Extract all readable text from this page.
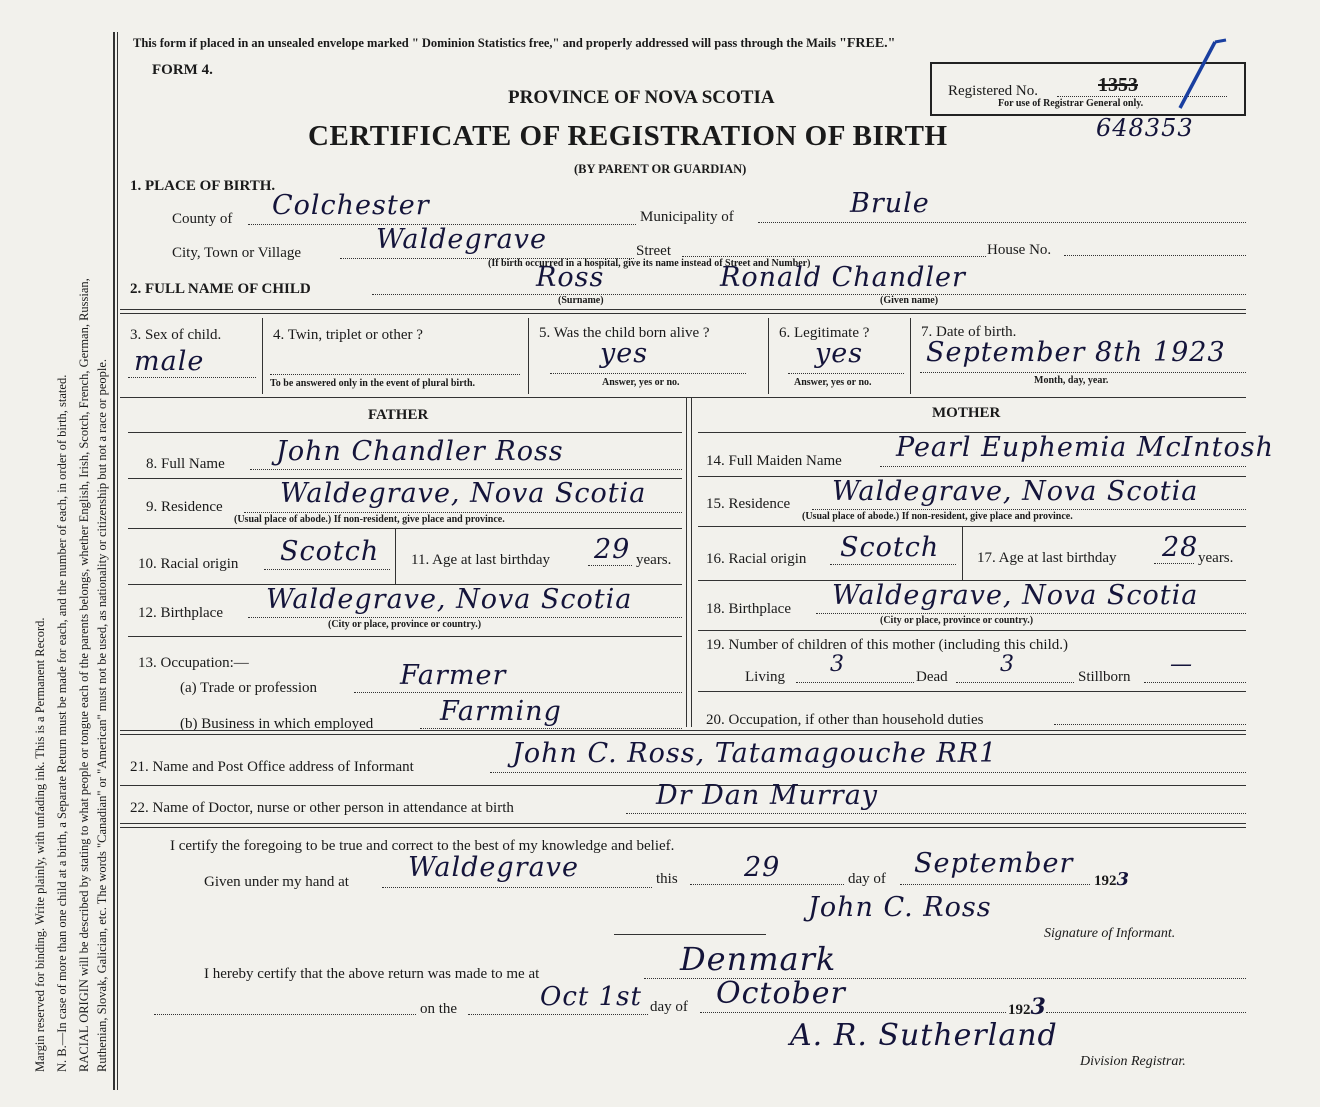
Margin reserved for binding. Write plainly, with unfading ink. This is a Permanent Record. N. B.—In case of more than one child at a birth, a Separate Return must be made for each, and the number of each, in order of birth, stated. RACIAL ORIGIN will be described by stating to what people or tongue each of the parents belongs, whether English, Irish, Scotch, French, German, Russian, Ruthenian, Slovak, Galician, etc. The words "Canadian" or "American" must not be used, as nationality or citizenship but not a race or people.
This form if placed in an unsealed envelope marked " Dominion Statistics free," and properly addressed will pass through the Mails "FREE."
FORM 4.
PROVINCE OF NOVA SCOTIA
CERTIFICATE OF REGISTRATION OF BIRTH
(BY PARENT OR GUARDIAN)
Registered No.	1353
For use of Registrar General only.
648353
1. PLACE OF BIRTH.
County of Colchester	Municipality of	Brule
City, Town or Village	Waldegrave	Street	House No.
(If birth occurred in a hospital, give its name instead of Street and Number)
2. FULL NAME OF CHILD	Ross	Ronald Chandler
(Surname)	(Given name)
3. Sex of child.
male
4. Twin, triplet or other ?
To be answered only in the event of plural birth.
5. Was the child born alive ?
yes
Answer, yes or no.
6. Legitimate ?
yes
Answer, yes or no.
7. Date of birth.
September 8th 1923
Month, day, year.
FATHER	MOTHER
8. Full Name John Chandler Ross
9. Residence Waldegrave, Nova Scotia
(Usual place of abode.) If non-resident, give place and province.
10. Racial origin Scotch 11. Age at last birthday 29 years.
12. Birthplace Waldegrave, Nova Scotia
(City or place, province or country.)
13. Occupation:—
(a) Trade or profession	Farmer
(b) Business in which employed Farming
14. Full Maiden Name Pearl Euphemia McIntosh
15. Residence Waldegrave, Nova Scotia
(Usual place of abode.) If non-resident, give place and province.
16. Racial origin Scotch	17. Age at last birthday 28 years.
18. Birthplace Waldegrave, Nova Scotia
(City or place, province or country.)
19. Number of children of this mother (including this child.)
Living 3	Dead 3	Stillborn —
20. Occupation, if other than household duties
21. Name and Post Office address of Informant	John C. Ross, Tatamagouche RR1
22. Name of Doctor, nurse or other person in attendance at birth	Dr Dan Murray
I certify the foregoing to be true and correct to the best of my knowledge and belief.
Given under my hand at Waldegrave	this 29	day of September
1923
John C. Ross
Signature of Informant.
I hereby certify that the above return was made to me at	Denmark
on the	Oct 1st day of October	1923
A. R. Sutherland
Division Registrar.
